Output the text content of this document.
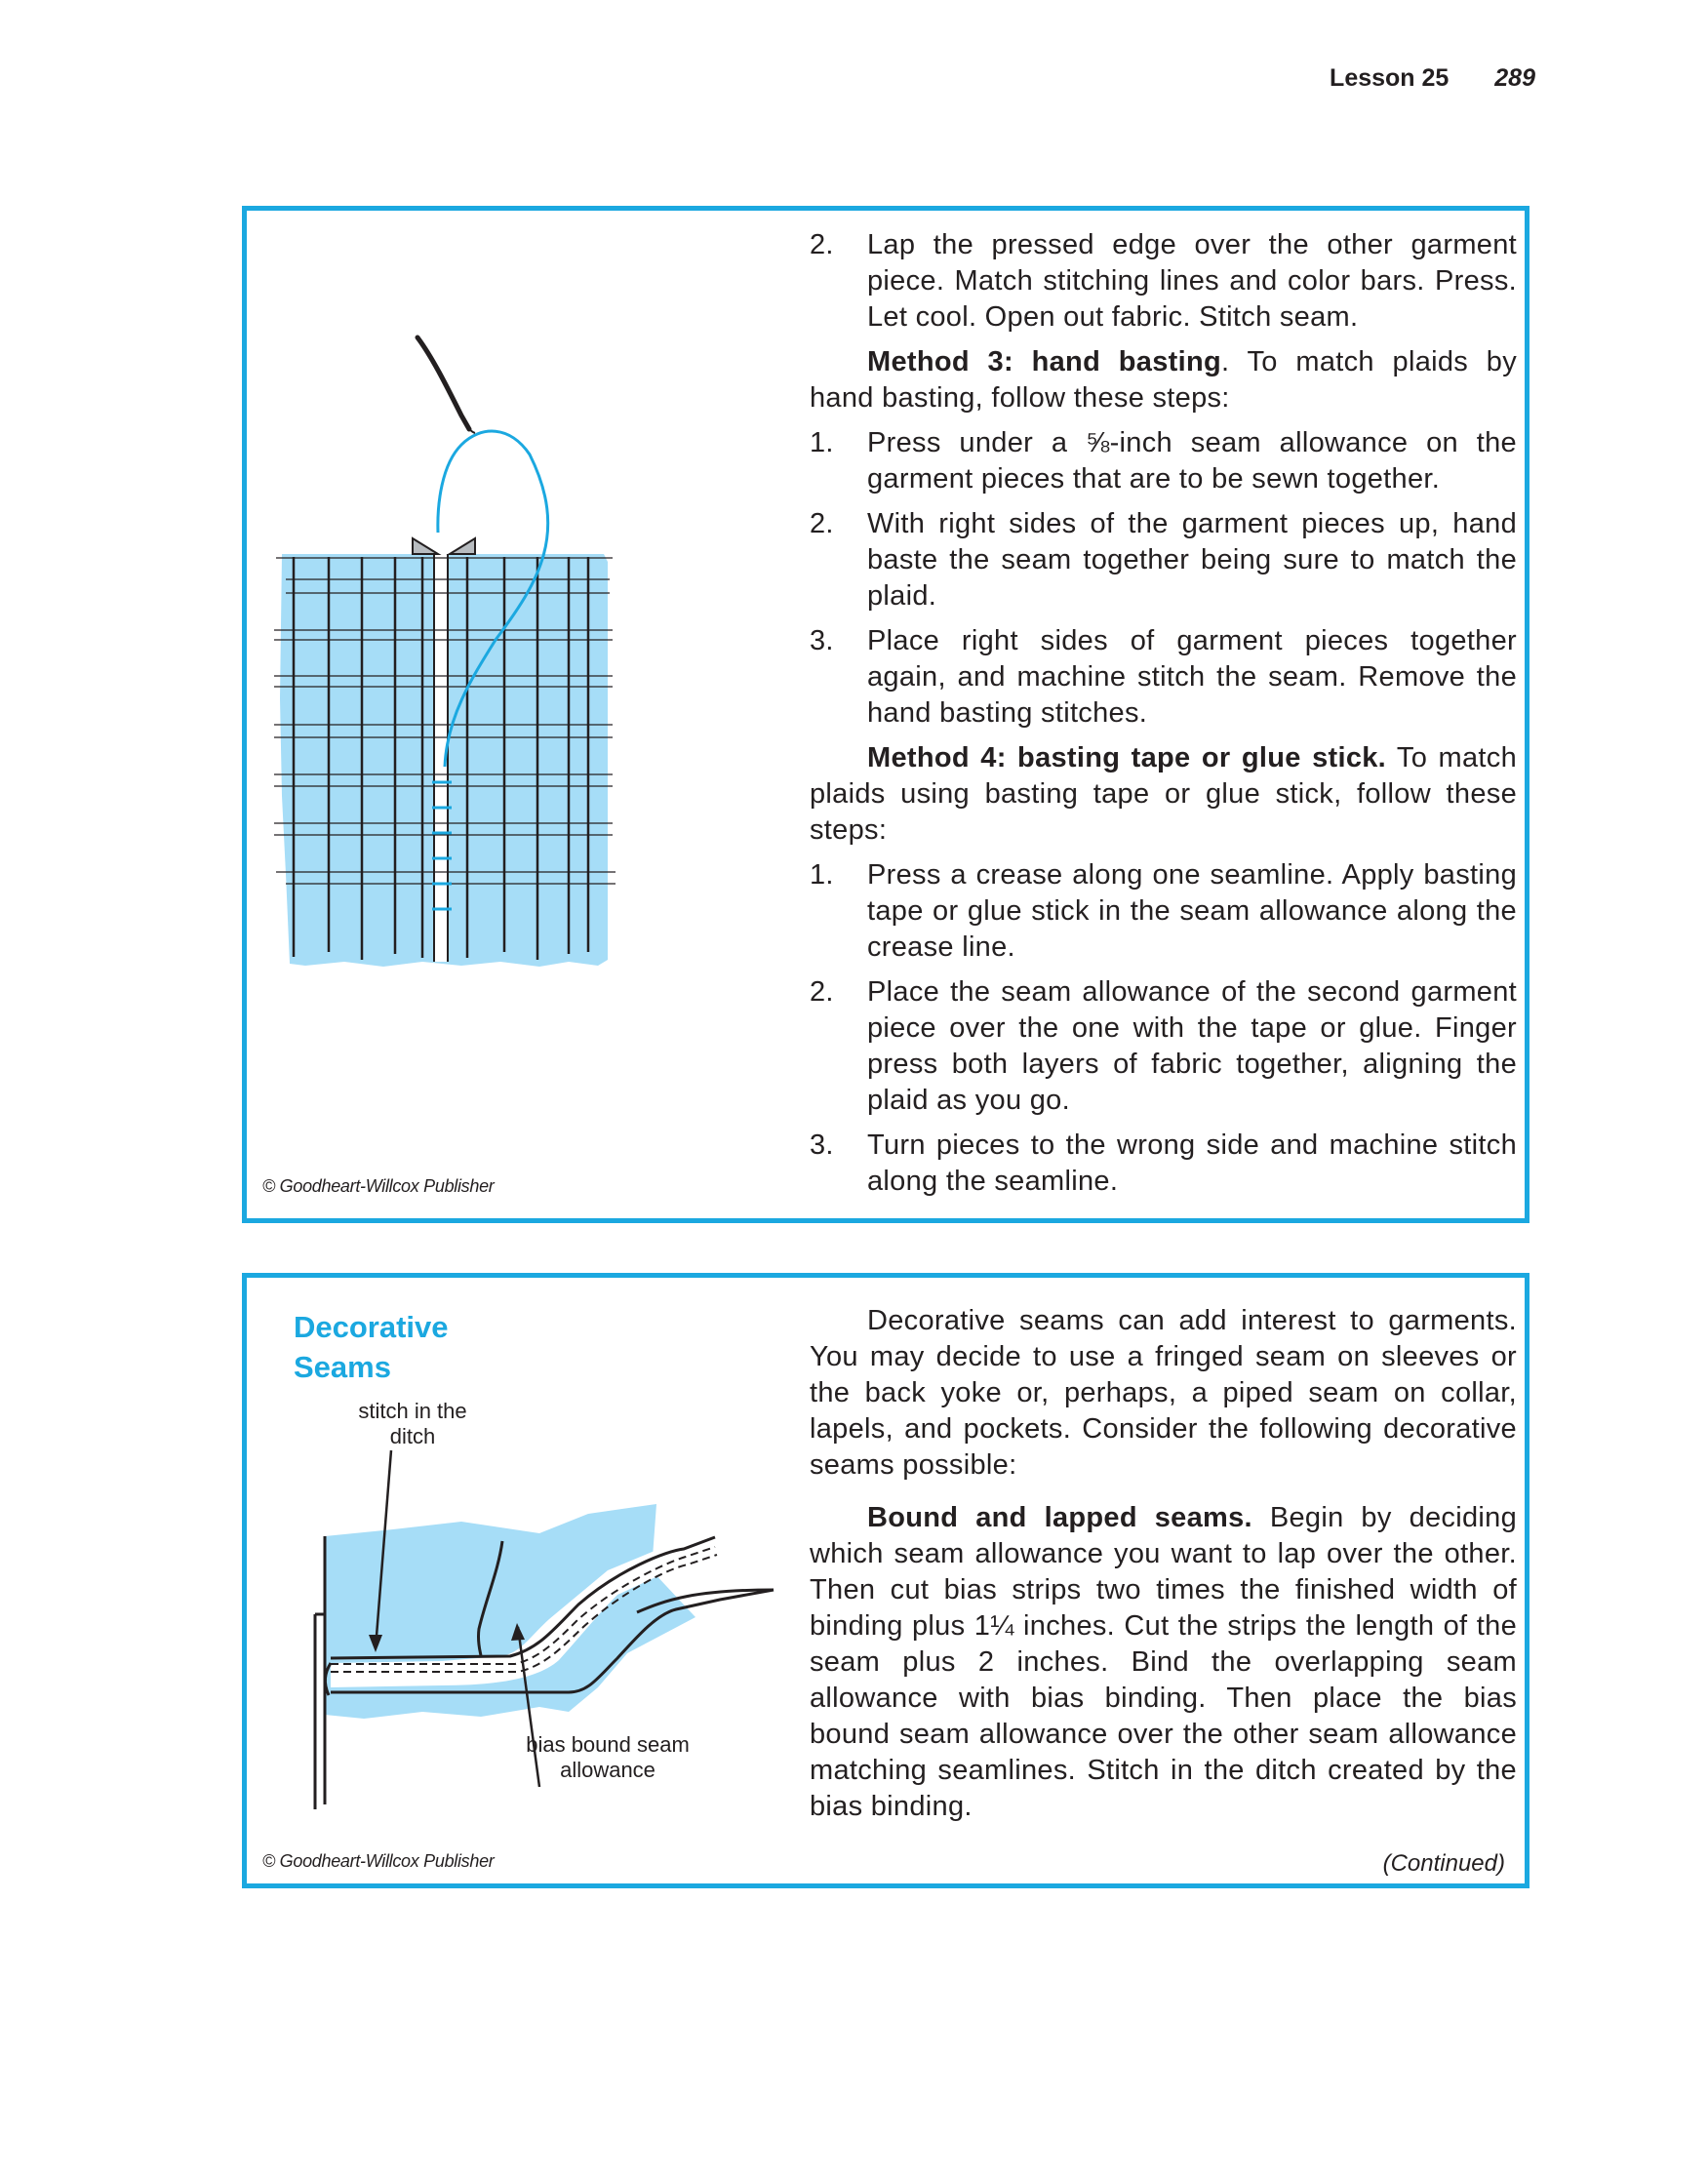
Lesson 25 289
2.	Lap the pressed edge over the other garment piece. Match stitching lines and color bars. Press. Let cool. Open out fabric. Stitch seam.

Method 3: hand basting. To match plaids by hand basting, follow these steps:

1.	Press under a ⅝-inch seam allowance on the garment pieces that are to be sewn together.
2.	With right sides of the garment pieces up, hand baste the seam together being sure to match the plaid.
3.	Place right sides of garment pieces together again, and machine stitch the seam. Remove the hand basting stitches.

Method 4: basting tape or glue stick. To match plaids using basting tape or glue stick, follow these steps:

1.	Press a crease along one seamline. Apply basting tape or glue stick in the seam allowance along the crease line.
2.	Place the seam allowance of the second garment piece over the one with the tape or glue. Finger press both layers of fabric together, aligning the plaid as you go.
3.	Turn pieces to the wrong side and machine stitch along the seamline.
© Goodheart-Willcox Publisher
Decorative
Seams
stitch in the
ditch
bias bound seam
allowance

Decorative seams can add interest to garments. You may decide to use a fringed seam on sleeves or the back yoke or, perhaps, a piped seam on collar, lapels, and pockets. Consider the following decorative seams possible:

Bound and lapped seams. Begin by deciding which seam allowance you want to lap over the other. Then cut bias strips two times the finished width of binding plus 1¼ inches. Cut the strips the length of the seam plus 2 inches. Bind the overlapping seam allowance with bias binding. Then place the bias bound seam allowance over the other seam allowance matching seamlines. Stitch in the ditch created by the bias binding.

© Goodheart-Willcox Publisher	(Continued)
